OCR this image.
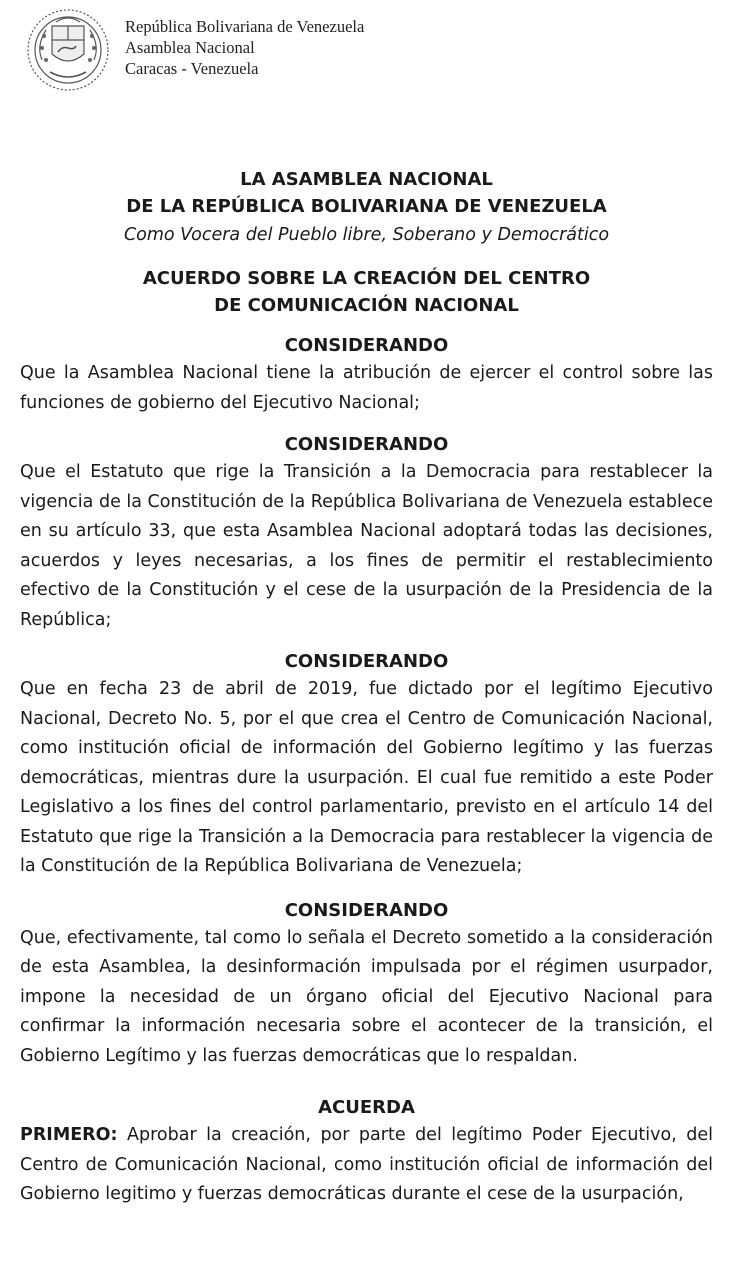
República Bolivariana de Venezuela
Asamblea Nacional
Caracas - Venezuela
LA ASAMBLEA NACIONAL
DE LA REPÚBLICA BOLIVARIANA DE VENEZUELA
Como Vocera del Pueblo libre, Soberano y Democrático
ACUERDO SOBRE LA CREACIÓN DEL CENTRO
DE COMUNICACIÓN NACIONAL
CONSIDERANDO

Que la Asamblea Nacional tiene la atribución de ejercer el control sobre las funciones de gobierno del Ejecutivo Nacional;

CONSIDERANDO

Que el Estatuto que rige la Transición a la Democracia para restablecer la vigencia de la Constitución de la República Bolivariana de Venezuela establece en su artículo 33, que esta Asamblea Nacional adoptará todas las decisiones, acuerdos y leyes necesarias, a los fines de permitir el restablecimiento efectivo de la Constitución y el cese de la usurpación de la Presidencia de la República;

CONSIDERANDO

Que en fecha 23 de abril de 2019, fue dictado por el legítimo Ejecutivo Nacional, Decreto No. 5, por el que crea el Centro de Comunicación Nacional, como institución oficial de información del Gobierno legítimo y las fuerzas democráticas, mientras dure la usurpación. El cual fue remitido a este Poder Legislativo a los fines del control parlamentario, previsto en el artículo 14 del Estatuto que rige la Transición a la Democracia para restablecer la vigencia de la Constitución de la República Bolivariana de Venezuela;

CONSIDERANDO

Que, efectivamente, tal como lo señala el Decreto sometido a la consideración de esta Asamblea, la desinformación impulsada por el régimen usurpador, impone la necesidad de un órgano oficial del Ejecutivo Nacional para confirmar la información necesaria sobre el acontecer de la transición, el Gobierno Legítimo y las fuerzas democráticas que lo respaldan.

ACUERDA

PRIMERO: Aprobar la creación, por parte del legítimo Poder Ejecutivo, del Centro de Comunicación Nacional, como institución oficial de información del Gobierno legitimo y fuerzas democráticas durante el cese de la usurpación,
